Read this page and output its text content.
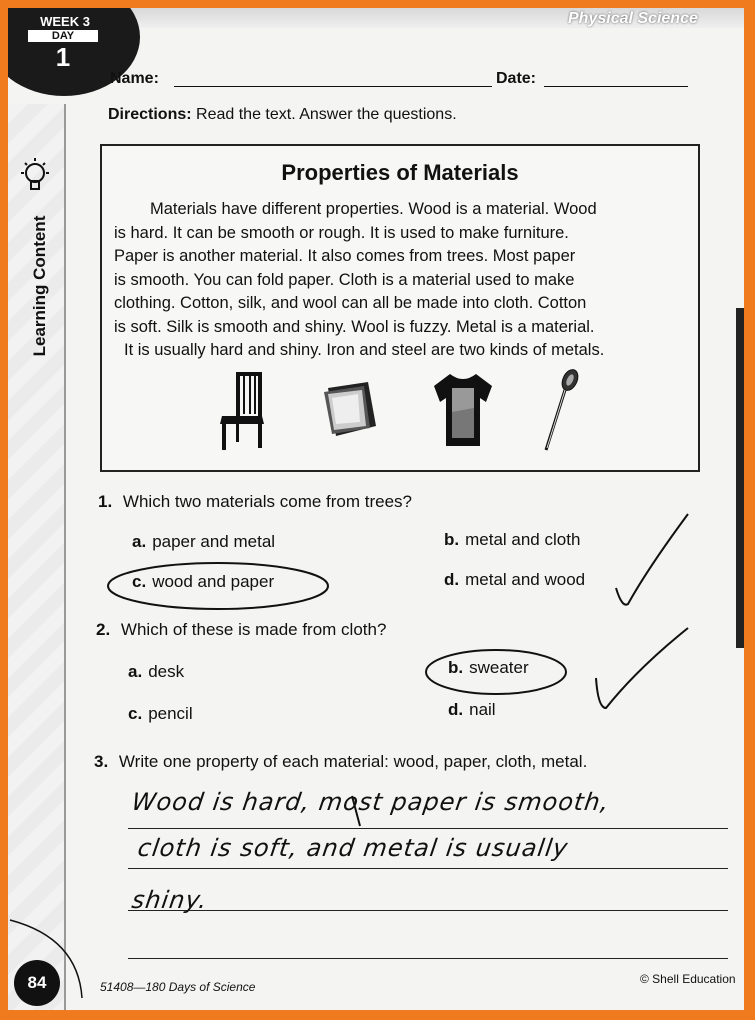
Physical Science
WEEK 3
DAY
1
Learning Content
84
Name:	Date:
Directions: Read the text. Answer the questions.
Properties of Materials

Materials have different properties. Wood is a material. Wood

is hard. It can be smooth or rough. It is used to make furniture.

Paper is another material. It also comes from trees. Most paper

is smooth. You can fold paper. Cloth is a material used to make

clothing. Cotton, silk, and wool can all be made into cloth. Cotton

is soft. Silk is smooth and shiny. Wool is fuzzy. Metal is a material.

It is usually hard and shiny. Iron and steel are two kinds of metals.

1. Which two materials come from trees?
a. paper and metal	b. metal and cloth
c. wood and paper	d. metal and wood
2. Which of these is made from cloth?
a. desk	b. sweater
c. pencil	d. nail
3. Write one property of each material: wood, paper, cloth, metal.
Wood is hard, most paper is smooth,
cloth is soft, and metal is usually
shiny.
51408—180 Days of Science
© Shell Education
